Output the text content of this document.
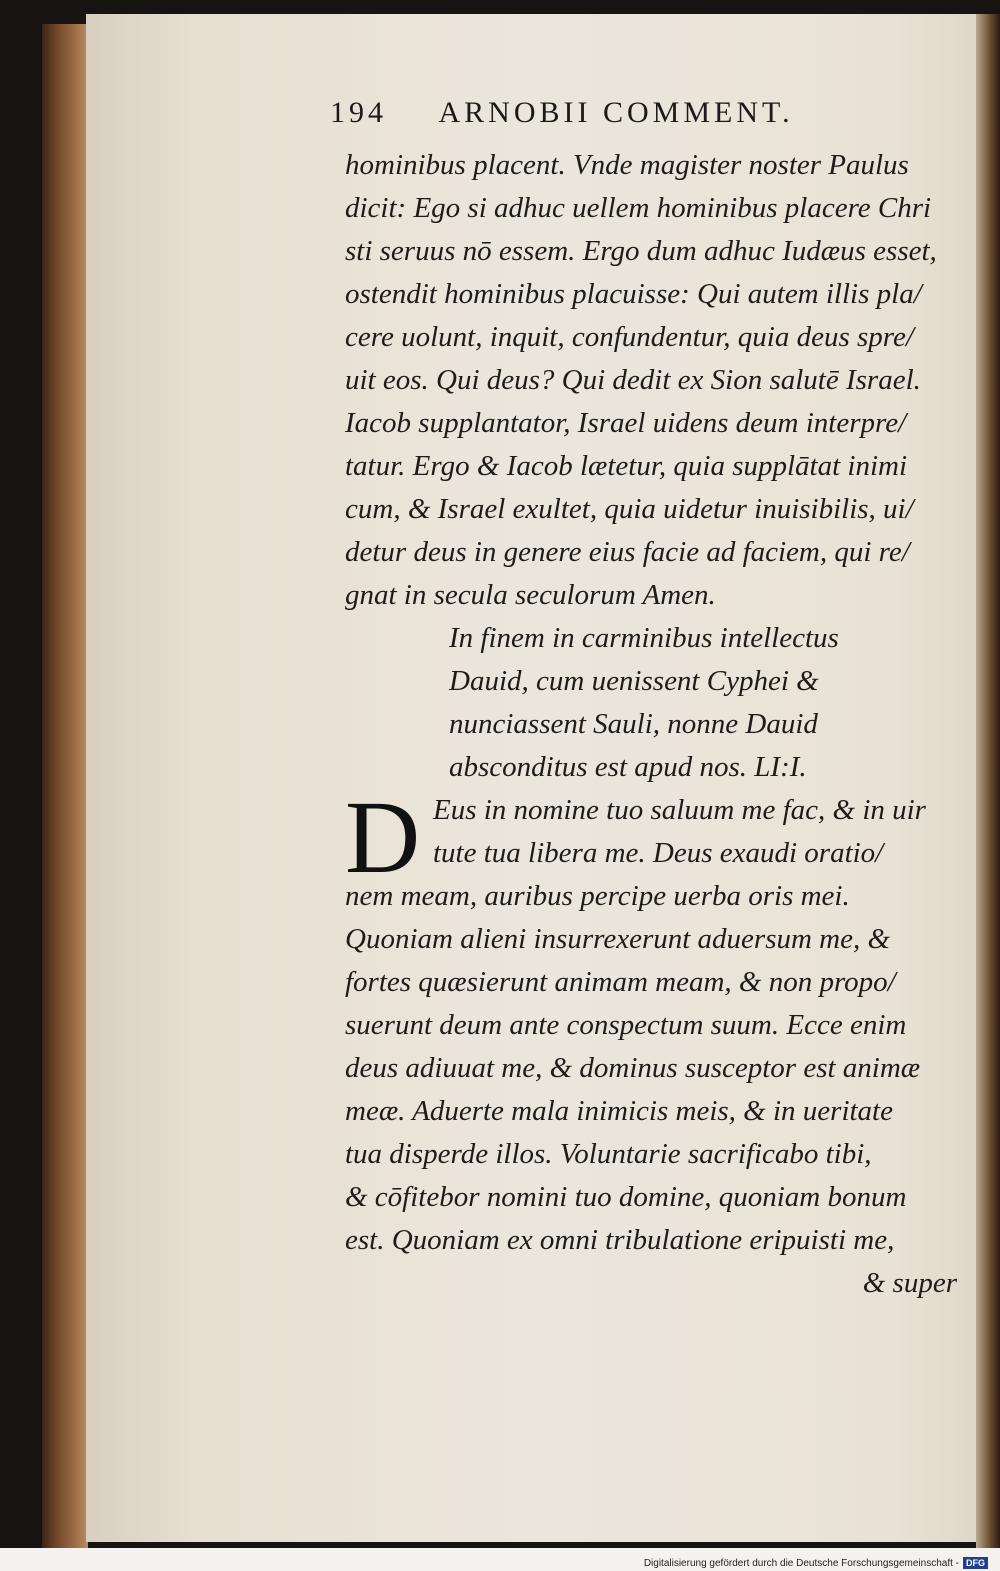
194 ARNOBII COMMENT.
hominibus placent. Vnde magister noster Paulus
dicit: Ego si adhuc uellem hominibus placere Chri
sti seruus nō essem. Ergo dum adhuc Iudæus esset,
ostendit hominibus placuisse: Qui autem illis pla/
cere uolunt, inquit, confundentur, quia deus spre/
uit eos. Qui deus? Qui dedit ex Sion salutē Israel.
Iacob supplantator, Israel uidens deum interpre/
tatur. Ergo & Iacob lætetur, quia supplātat inimi
cum, & Israel exultet, quia uidetur inuisibilis, ui/
detur deus in genere eius facie ad faciem, qui re/
gnat in secula seculorum Amen.
In finem in carminibus intellectus
Dauid, cum uenissent Cyphei &
nunciassent Sauli, nonne Dauid
absconditus est apud nos. LI:I.
D Eus in nomine tuo saluum me fac, & in uir
tute tua libera me. Deus exaudi oratio/
nem meam, auribus percipe uerba oris mei.
Quoniam alieni insurrexerunt aduersum me, &
fortes quæsierunt animam meam, & non propo/
suerunt deum ante conspectum suum. Ecce enim
deus adiuuat me, & dominus susceptor est animæ
meæ. Aduerte mala inimicis meis, & in ueritate
tua disperde illos. Voluntarie sacrificabo tibi,
& cōfitebor nomini tuo domine, quoniam bonum
est. Quoniam ex omni tribulatione eripuisti me,
& super
Digitalisierung gefördert durch die Deutsche Forschungsgemeinschaft - DFG
